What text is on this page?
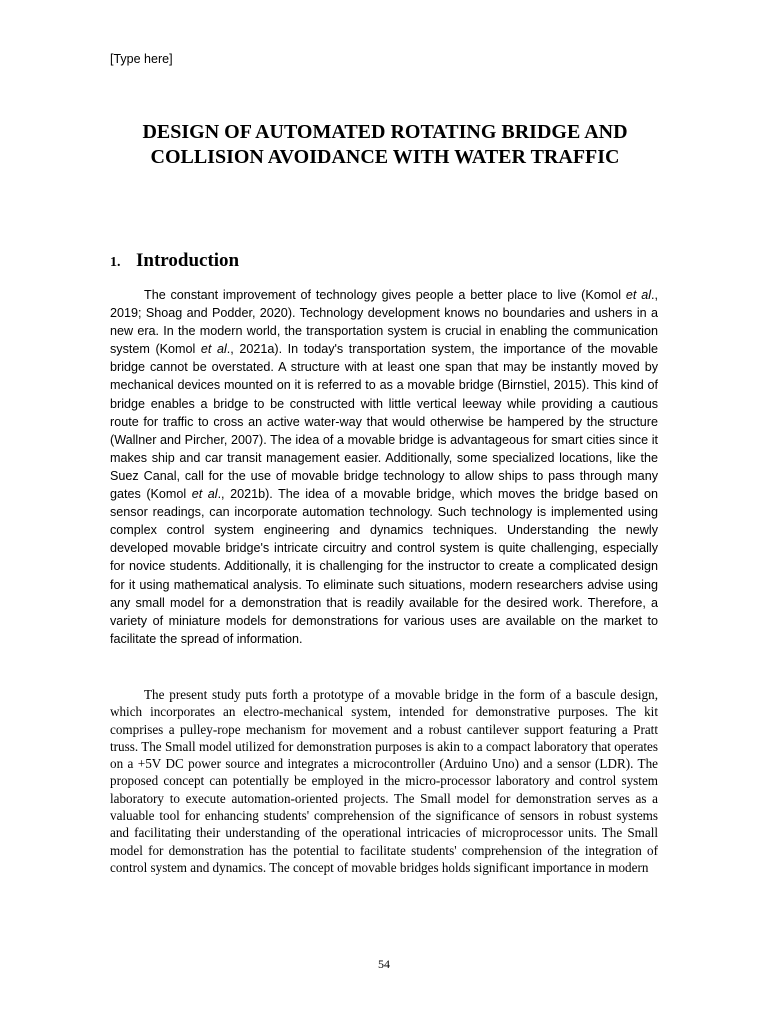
[Type here]
DESIGN OF AUTOMATED ROTATING BRIDGE AND COLLISION AVOIDANCE WITH WATER TRAFFIC
1. Introduction

The constant improvement of technology gives people a better place to live (Komol et al., 2019; Shoag and Podder, 2020). Technology development knows no boundaries and ushers in a new era. In the modern world, the transportation system is crucial in enabling the communication system (Komol et al., 2021a). In today's transportation system, the importance of the movable bridge cannot be overstated. A structure with at least one span that may be instantly moved by mechanical devices mounted on it is referred to as a movable bridge (Birnstiel, 2015). This kind of bridge enables a bridge to be constructed with little vertical leeway while providing a cautious route for traffic to cross an active water-way that would otherwise be hampered by the structure (Wallner and Pircher, 2007). The idea of a movable bridge is advantageous for smart cities since it makes ship and car transit management easier. Additionally, some specialized locations, like the Suez Canal, call for the use of movable bridge technology to allow ships to pass through many gates (Komol et al., 2021b). The idea of a movable bridge, which moves the bridge based on sensor readings, can incorporate automation technology. Such technology is implemented using complex control system engineering and dynamics techniques. Understanding the newly developed movable bridge's intricate circuitry and control system is quite challenging, especially for novice students. Additionally, it is challenging for the instructor to create a complicated design for it using mathematical analysis. To eliminate such situations, modern researchers advise using any small model for a demonstration that is readily available for the desired work. Therefore, a variety of miniature models for demonstrations for various uses are available on the market to facilitate the spread of information.

The present study puts forth a prototype of a movable bridge in the form of a bascule design, which incorporates an electro-mechanical system, intended for demonstrative purposes. The kit comprises a pulley-rope mechanism for movement and a robust cantilever support featuring a Pratt truss. The Small model utilized for demonstration purposes is akin to a compact laboratory that operates on a +5V DC power source and integrates a microcontroller (Arduino Uno) and a sensor (LDR). The proposed concept can potentially be employed in the micro-processor laboratory and control system laboratory to execute automation-oriented projects. The Small model for demonstration serves as a valuable tool for enhancing students' comprehension of the significance of sensors in robust systems and facilitating their understanding of the operational intricacies of microprocessor units. The Small model for demonstration has the potential to facilitate students' comprehension of the integration of control system and dynamics. The concept of movable bridges holds significant importance in modern

54
